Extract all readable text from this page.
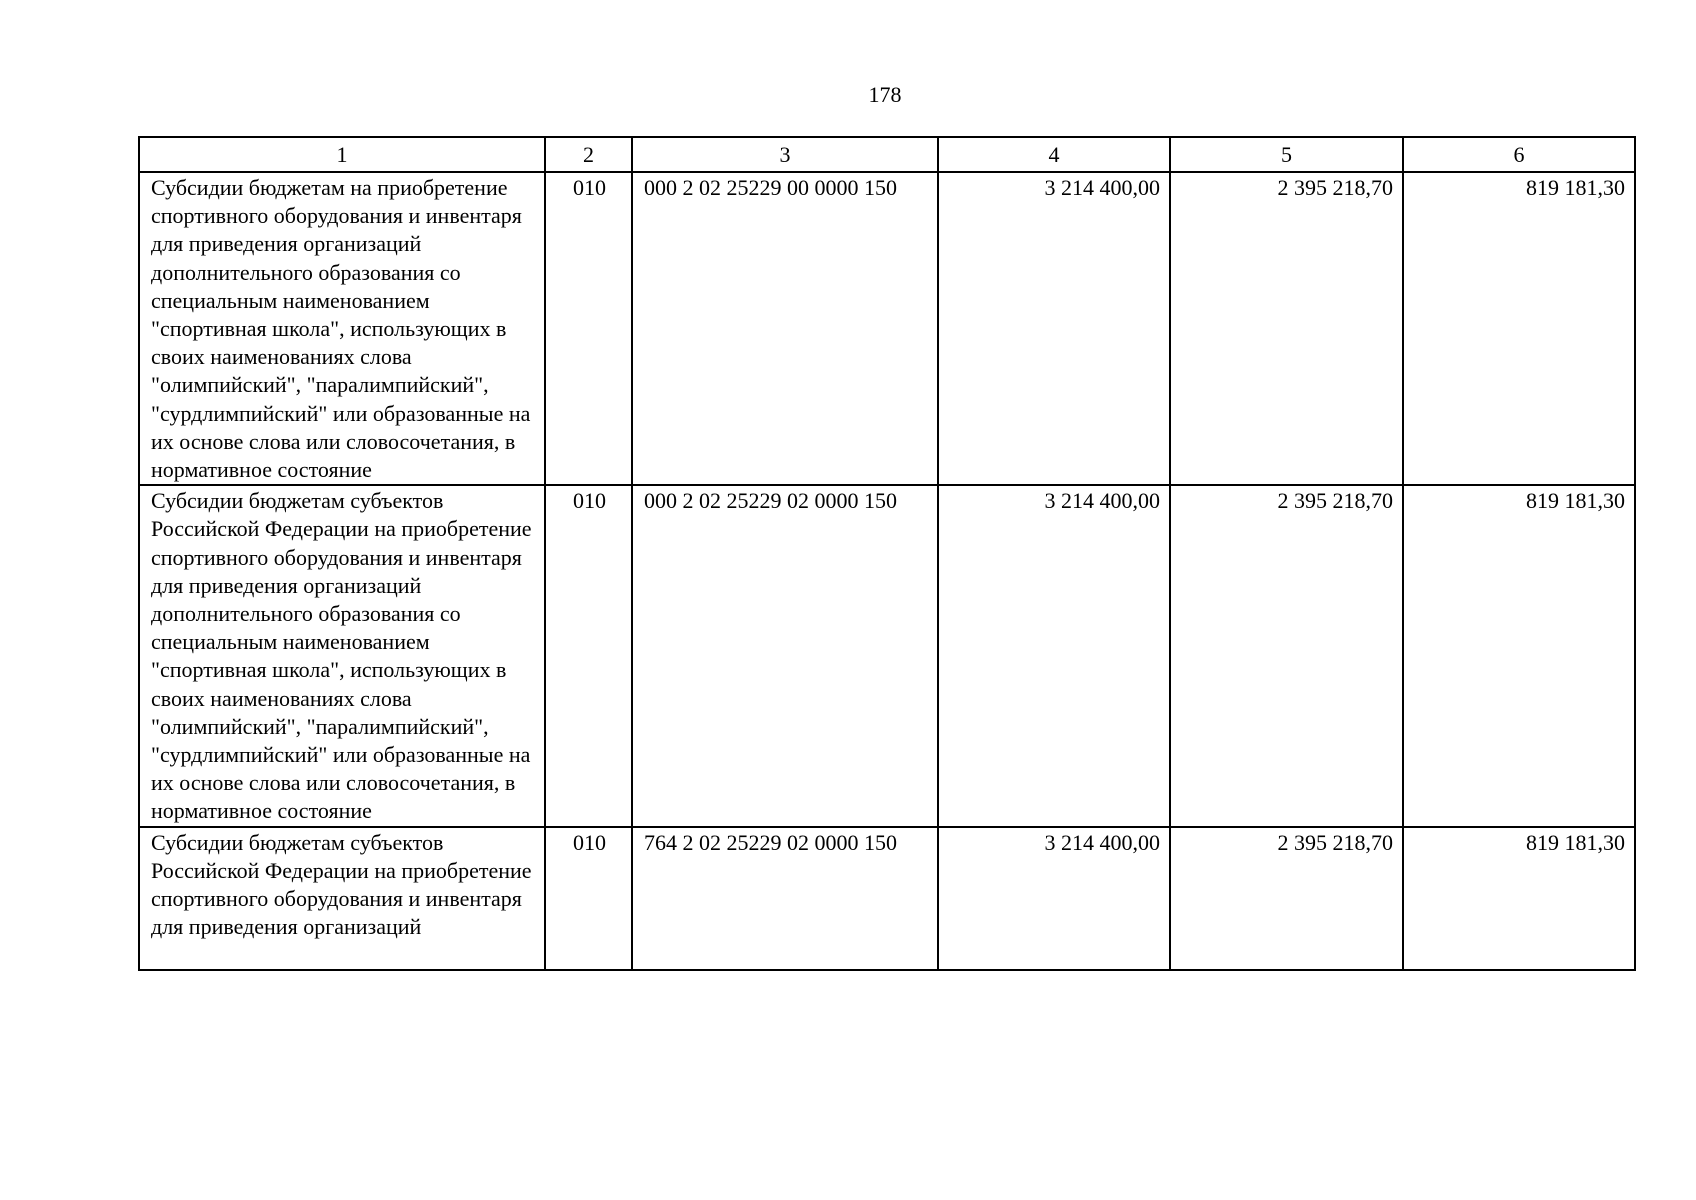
178
1	2	3	4	5	6
Субсидии бюджетам на приобретение спортивного оборудования и инвентаря для приведения организаций дополнительного образования со специальным наименованием "спортивная школа", использующих в своих наименованиях слова "олимпийский", "паралимпийский", "сурдлимпийский" или образованные на их основе слова или словосочетания, в нормативное состояние	010	000 2 02 25229 00 0000 150	3 214 400,00	2 395 218,70	819 181,30
Субсидии бюджетам субъектов Российской Федерации на приобретение спортивного оборудования и инвентаря для приведения организаций дополнительного образования со специальным наименованием "спортивная школа", использующих в своих наименованиях слова "олимпийский", "паралимпийский", "сурдлимпийский" или образованные на их основе слова или словосочетания, в нормативное состояние	010	000 2 02 25229 02 0000 150	3 214 400,00	2 395 218,70	819 181,30
Субсидии бюджетам субъектов Российской Федерации на приобретение спортивного оборудования и инвентаря для приведения организаций	010	764 2 02 25229 02 0000 150	3 214 400,00	2 395 218,70	819 181,30
